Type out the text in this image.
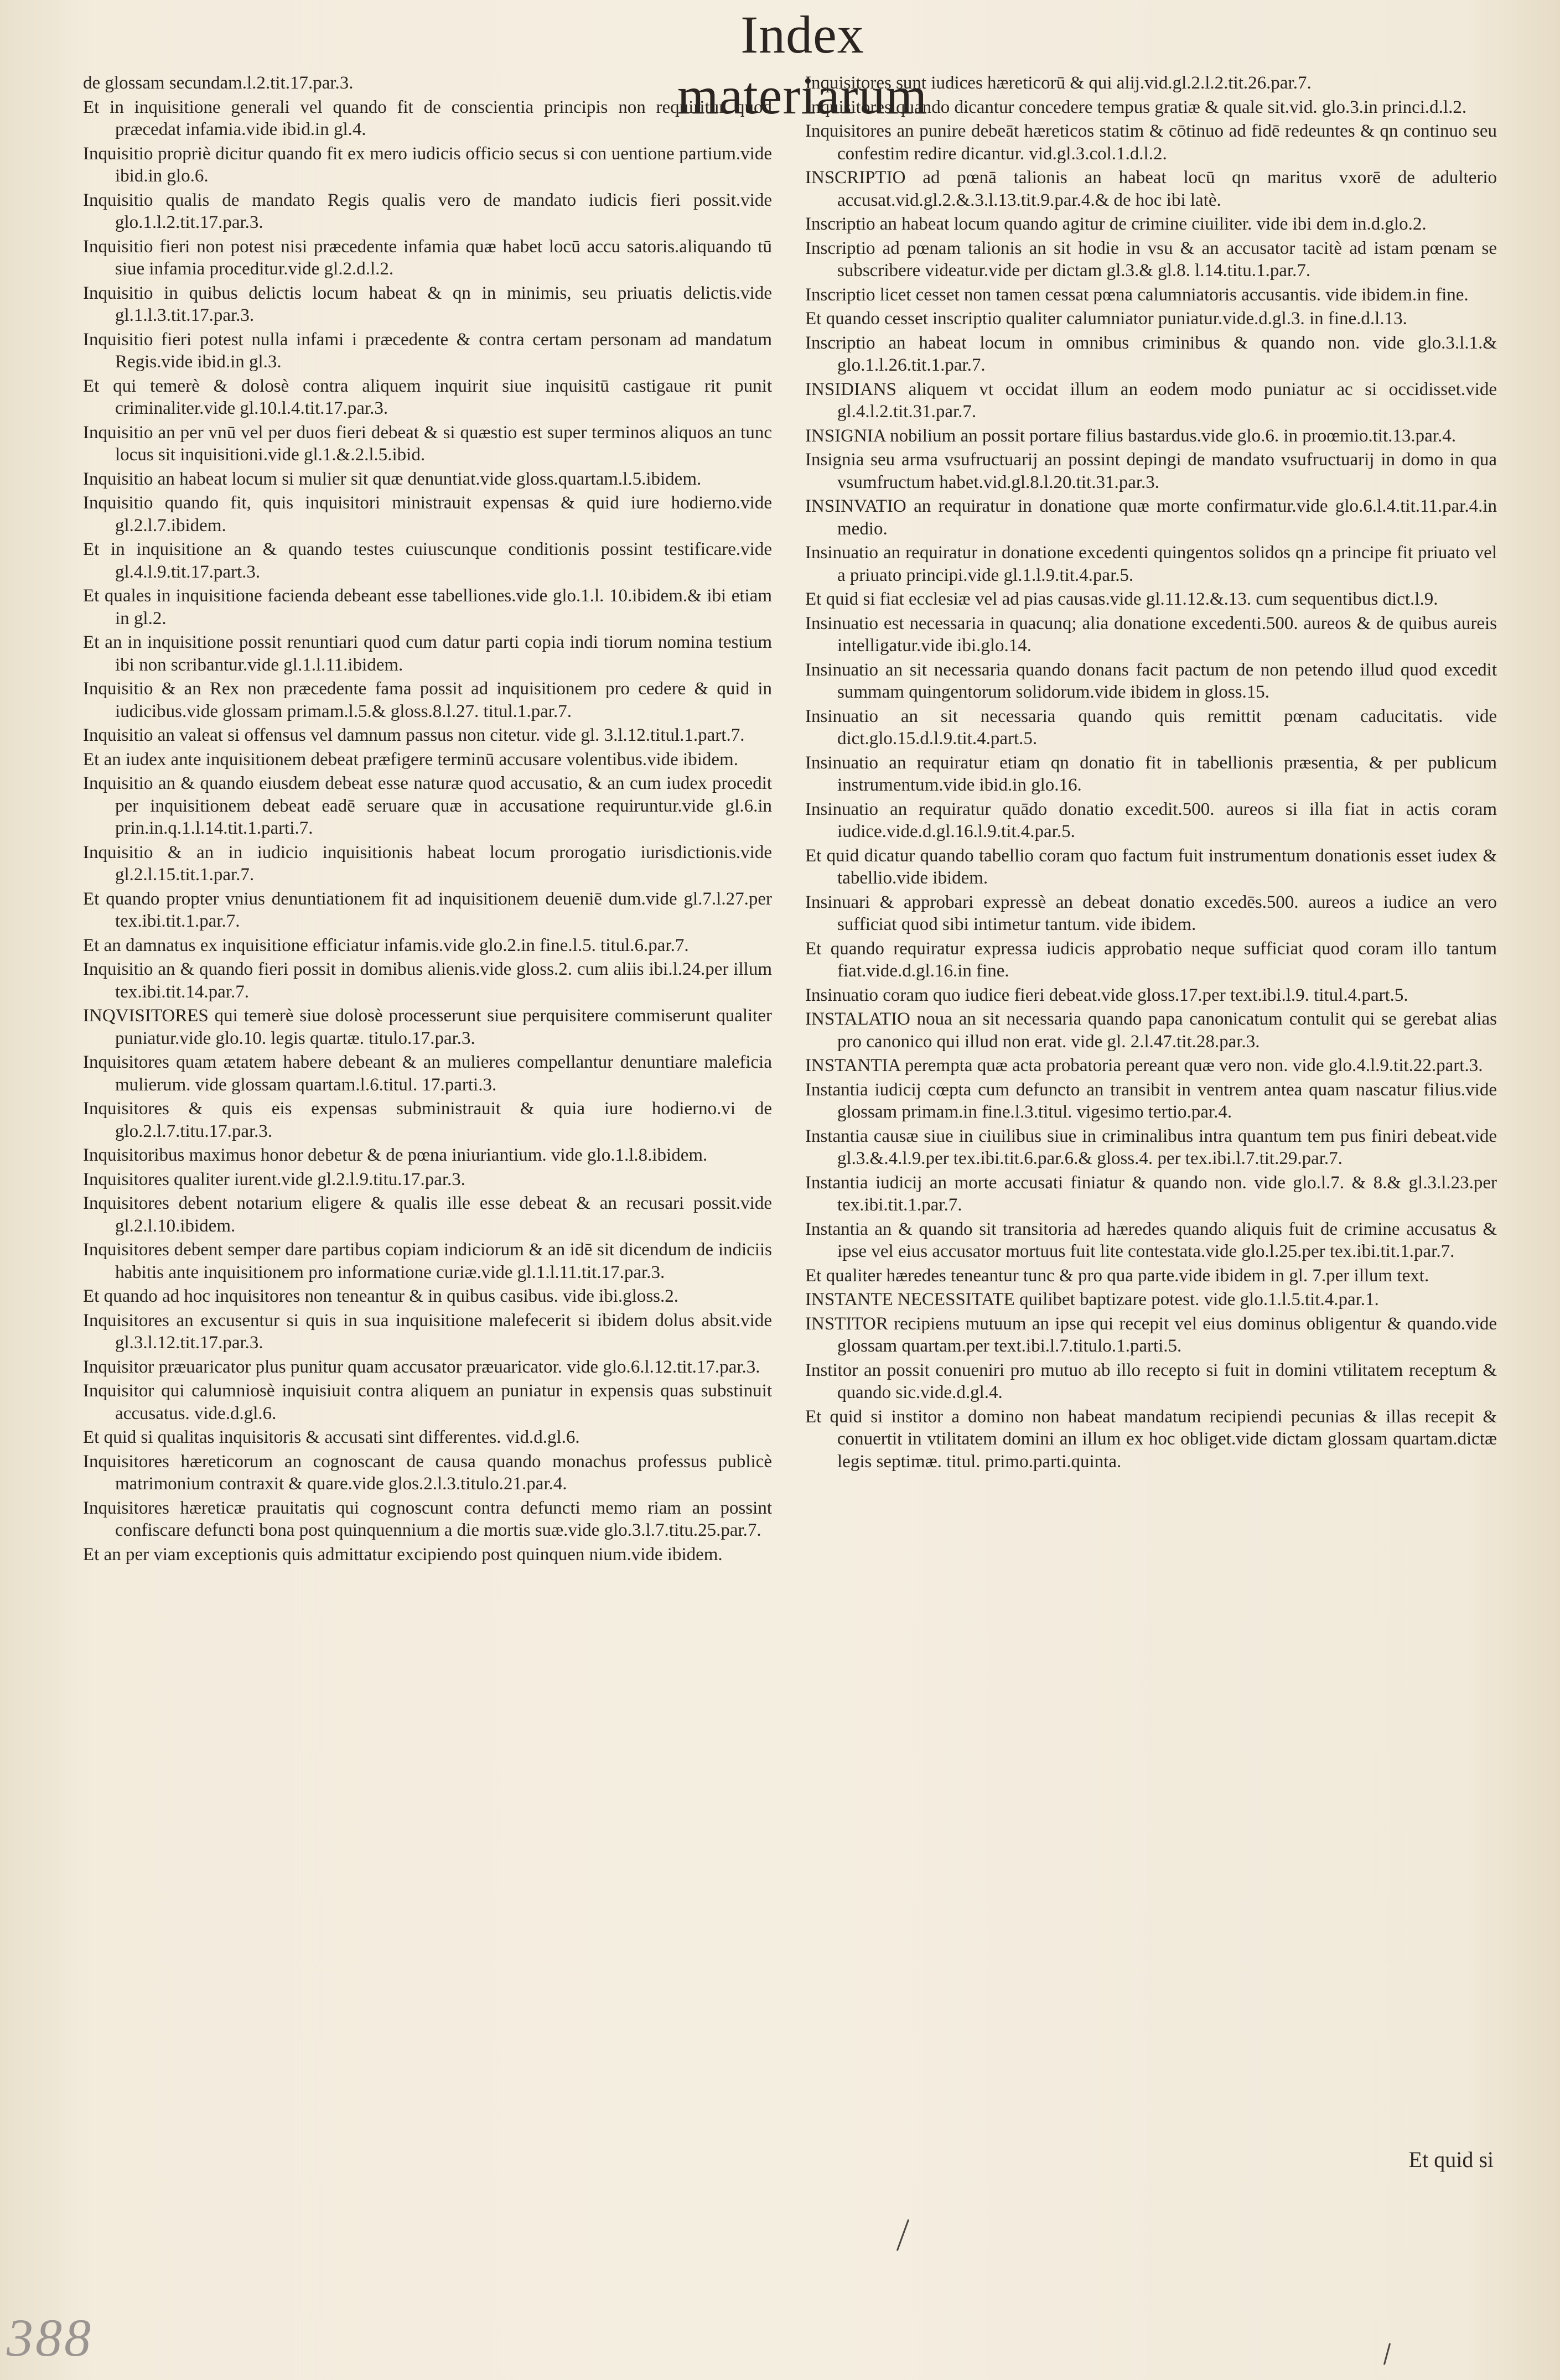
Index materiarum

de glossam secundam.l.2.tit.17.par.3.

Et in inquisitione generali vel quando fit de conscientia principis non requiritur quod præcedat infamia.vide ibid.in gl.4.

Inquisitio propriè dicitur quando fit ex mero iudicis officio secus si con uentione partium.vide ibid.in glo.6.

Inquisitio qualis de mandato Regis qualis vero de mandato iudicis fieri possit.vide glo.1.l.2.tit.17.par.3.

Inquisitio fieri non potest nisi præcedente infamia quæ habet locū accu satoris.aliquando tū siue infamia proceditur.vide gl.2.d.l.2.

Inquisitio in quibus delictis locum habeat & qn in minimis, seu priuatis delictis.vide gl.1.l.3.tit.17.par.3.

Inquisitio fieri potest nulla infami i præcedente & contra certam personam ad mandatum Regis.vide ibid.in gl.3.

Et qui temerè & dolosè contra aliquem inquirit siue inquisitū castigaue rit punit criminaliter.vide gl.10.l.4.tit.17.par.3.

Inquisitio an per vnū vel per duos fieri debeat & si quæstio est super terminos aliquos an tunc locus sit inquisitioni.vide gl.1.&.2.l.5.ibid.

Inquisitio an habeat locum si mulier sit quæ denuntiat.vide gloss.quartam.l.5.ibidem.

Inquisitio quando fit, quis inquisitori ministrauit expensas & quid iure hodierno.vide gl.2.l.7.ibidem.

Et in inquisitione an & quando testes cuiuscunque conditionis possint testificare.vide gl.4.l.9.tit.17.part.3.

Et quales in inquisitione facienda debeant esse tabelliones.vide glo.1.l. 10.ibidem.& ibi etiam in gl.2.

Et an in inquisitione possit renuntiari quod cum datur parti copia indi tiorum nomina testium ibi non scribantur.vide gl.1.l.11.ibidem.

Inquisitio & an Rex non præcedente fama possit ad inquisitionem pro cedere & quid in iudicibus.vide glossam primam.l.5.& gloss.8.l.27. titul.1.par.7.

Inquisitio an valeat si offensus vel damnum passus non citetur. vide gl. 3.l.12.titul.1.part.7.

Et an iudex ante inquisitionem debeat præfigere terminū accusare volentibus.vide ibidem.

Inquisitio an & quando eiusdem debeat esse naturæ quod accusatio, & an cum iudex procedit per inquisitionem debeat eadē seruare quæ in accusatione requiruntur.vide gl.6.in prin.in.q.1.l.14.tit.1.parti.7.

Inquisitio & an in iudicio inquisitionis habeat locum prorogatio iurisdictionis.vide gl.2.l.15.tit.1.par.7.

Et quando propter vnius denuntiationem fit ad inquisitionem deueniē dum.vide gl.7.l.27.per tex.ibi.tit.1.par.7.

Et an damnatus ex inquisitione efficiatur infamis.vide glo.2.in fine.l.5. titul.6.par.7.

Inquisitio an & quando fieri possit in domibus alienis.vide gloss.2. cum aliis ibi.l.24.per illum tex.ibi.tit.14.par.7.

INQVISITORES qui temerè siue dolosè processerunt siue perquisitere commiserunt qualiter puniatur.vide glo.10. legis quartæ. titulo.17.par.3.

Inquisitores quam ætatem habere debeant & an mulieres compellantur denuntiare maleficia mulierum. vide glossam quartam.l.6.titul. 17.parti.3.

Inquisitores & quis eis expensas subministrauit & quia iure hodierno.vi de glo.2.l.7.titu.17.par.3.

Inquisitoribus maximus honor debetur & de pœna iniuriantium. vide glo.1.l.8.ibidem.

Inquisitores qualiter iurent.vide gl.2.l.9.titu.17.par.3.

Inquisitores debent notarium eligere & qualis ille esse debeat & an recusari possit.vide gl.2.l.10.ibidem.

Inquisitores debent semper dare partibus copiam indiciorum & an idē sit dicendum de indiciis habitis ante inquisitionem pro informatione curiæ.vide gl.1.l.11.tit.17.par.3.

Et quando ad hoc inquisitores non teneantur & in quibus casibus. vide ibi.gloss.2.

Inquisitores an excusentur si quis in sua inquisitione malefecerit si ibidem dolus absit.vide gl.3.l.12.tit.17.par.3.

Inquisitor præuaricator plus punitur quam accusator præuaricator. vide glo.6.l.12.tit.17.par.3.

Inquisitor qui calumniosè inquisiuit contra aliquem an puniatur in expensis quas substinuit accusatus. vide.d.gl.6.

Et quid si qualitas inquisitoris & accusati sint differentes. vid.d.gl.6.

Inquisitores hæreticorum an cognoscant de causa quando monachus professus publicè matrimonium contraxit & quare.vide glos.2.l.3.titulo.21.par.4.

Inquisitores hæreticæ prauitatis qui cognoscunt contra defuncti memo riam an possint confiscare defuncti bona post quinquennium a die mortis suæ.vide glo.3.l.7.titu.25.par.7.

Et an per viam exceptionis quis admittatur excipiendo post quinquen nium.vide ibidem.

Inquisitores sunt iudices hæreticorū & qui alij.vid.gl.2.l.2.tit.26.par.7.

Inquisitores quando dicantur concedere tempus gratiæ & quale sit.vid. glo.3.in princi.d.l.2.

Inquisitores an punire debeāt hæreticos statim & cōtinuo ad fidē redeuntes & qn continuo seu confestim redire dicantur. vid.gl.3.col.1.d.l.2.

INSCRIPTIO ad pœnā talionis an habeat locū qn maritus vxorē de adulterio accusat.vid.gl.2.&.3.l.13.tit.9.par.4.& de hoc ibi latè.

Inscriptio an habeat locum quando agitur de crimine ciuiliter. vide ibi dem in.d.glo.2.

Inscriptio ad pœnam talionis an sit hodie in vsu & an accusator tacitè ad istam pœnam se subscribere videatur.vide per dictam gl.3.& gl.8. l.14.titu.1.par.7.

Inscriptio licet cesset non tamen cessat pœna calumniatoris accusantis. vide ibidem.in fine.

Et quando cesset inscriptio qualiter calumniator puniatur.vide.d.gl.3. in fine.d.l.13.

Inscriptio an habeat locum in omnibus criminibus & quando non. vide glo.3.l.1.& glo.1.l.26.tit.1.par.7.

INSIDIANS aliquem vt occidat illum an eodem modo puniatur ac si occidisset.vide gl.4.l.2.tit.31.par.7.

INSIGNIA nobilium an possit portare filius bastardus.vide glo.6. in proœmio.tit.13.par.4.

Insignia seu arma vsufructuarij an possint depingi de mandato vsufructuarij in domo in qua vsumfructum habet.vid.gl.8.l.20.tit.31.par.3.

INSINVATIO an requiratur in donatione quæ morte confirmatur.vide glo.6.l.4.tit.11.par.4.in medio.

Insinuatio an requiratur in donatione excedenti quingentos solidos qn a principe fit priuato vel a priuato principi.vide gl.1.l.9.tit.4.par.5.

Et quid si fiat ecclesiæ vel ad pias causas.vide gl.11.12.&.13. cum sequentibus dict.l.9.

Insinuatio est necessaria in quacunq; alia donatione excedenti.500. aureos & de quibus aureis intelligatur.vide ibi.glo.14.

Insinuatio an sit necessaria quando donans facit pactum de non petendo illud quod excedit summam quingentorum solidorum.vide ibidem in gloss.15.

Insinuatio an sit necessaria quando quis remittit pœnam caducitatis. vide dict.glo.15.d.l.9.tit.4.part.5.

Insinuatio an requiratur etiam qn donatio fit in tabellionis præsentia, & per publicum instrumentum.vide ibid.in glo.16.

Insinuatio an requiratur quādo donatio excedit.500. aureos si illa fiat in actis coram iudice.vide.d.gl.16.l.9.tit.4.par.5.

Et quid dicatur quando tabellio coram quo factum fuit instrumentum donationis esset iudex & tabellio.vide ibidem.

Insinuari & approbari expressè an debeat donatio excedēs.500. aureos a iudice an vero sufficiat quod sibi intimetur tantum. vide ibidem.

Et quando requiratur expressa iudicis approbatio neque sufficiat quod coram illo tantum fiat.vide.d.gl.16.in fine.

Insinuatio coram quo iudice fieri debeat.vide gloss.17.per text.ibi.l.9. titul.4.part.5.

INSTALATIO noua an sit necessaria quando papa canonicatum contulit qui se gerebat alias pro canonico qui illud non erat. vide gl. 2.l.47.tit.28.par.3.

INSTANTIA perempta quæ acta probatoria pereant quæ vero non. vide glo.4.l.9.tit.22.part.3.

Instantia iudicij cœpta cum defuncto an transibit in ventrem antea quam nascatur filius.vide glossam primam.in fine.l.3.titul. vigesimo tertio.par.4.

Instantia causæ siue in ciuilibus siue in criminalibus intra quantum tem pus finiri debeat.vide gl.3.&.4.l.9.per tex.ibi.tit.6.par.6.& gloss.4. per tex.ibi.l.7.tit.29.par.7.

Instantia iudicij an morte accusati finiatur & quando non. vide glo.l.7. & 8.& gl.3.l.23.per tex.ibi.tit.1.par.7.

Instantia an & quando sit transitoria ad hæredes quando aliquis fuit de crimine accusatus & ipse vel eius accusator mortuus fuit lite contestata.vide glo.l.25.per tex.ibi.tit.1.par.7.

Et qualiter hæredes teneantur tunc & pro qua parte.vide ibidem in gl. 7.per illum text.

INSTANTE NECESSITATE quilibet baptizare potest. vide glo.1.l.5.tit.4.par.1.

INSTITOR recipiens mutuum an ipse qui recepit vel eius dominus obligentur & quando.vide glossam quartam.per text.ibi.l.7.titulo.1.parti.5.

Institor an possit conueniri pro mutuo ab illo recepto si fuit in domini vtilitatem receptum & quando sic.vide.d.gl.4.

Et quid si institor a domino non habeat mandatum recipiendi pecunias & illas recepit & conuertit in vtilitatem domini an illum ex hoc obliget.vide dictam glossam quartam.dictæ legis septimæ. titul. primo.parti.quinta.

Et quid si
388
